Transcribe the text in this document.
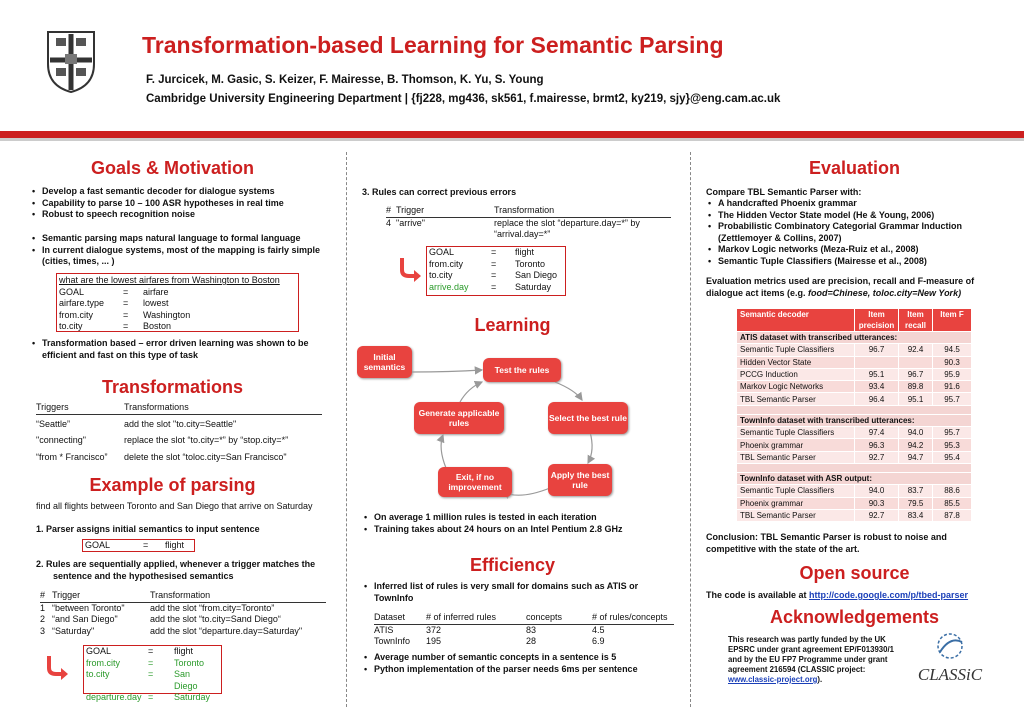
Transformation-based Learning for Semantic Parsing
F. Jurcicek, M. Gasic, S. Keizer, F. Mairesse, B. Thomson, K. Yu, S. Young
Cambridge University Engineering Department | {fj228, mg436, sk561, f.mairesse, brmt2, ky219, sjy}@eng.cam.ac.uk
Goals & Motivation
• Develop a fast semantic decoder for dialogue systems
• Capability to parse 10 – 100 ASR hypotheses in real time
• Robust to speech recognition noise
• Semantic parsing maps natural language to formal language
• In current dialogue systems, most of the mapping is fairly simple (cities, times, ... )
what are the lowest airfares from Washington to Boston
GOAL	=	airfare
airfare.type	=	lowest
from.city	=	Washington
to.city	=	Boston
• Transformation based – error driven learning was shown to be efficient and fast on this type of task
Transformations
Triggers	Transformations
“Seattle”	add the slot "to.city=Seattle"
"connecting"	replace the slot “to.city=*” by “stop.city=*”
“from * Francisco”	delete the slot “toloc.city=San Francisco"
Example of parsing
find all flights between Toronto and San Diego that arrive on Saturday
1. Parser assigns initial semantics to input sentence
GOAL	=	flight
2. Rules are sequentially applied, whenever a trigger matches the sentence and the hypothesised semantics
#	Trigger	Transformation
1	“between Toronto"	add the slot “from.city=Toronto”
2	“and San Diego"	add the slot “to.city=Sand Diego“
3	“Saturday"	add the slot “departure.day=Saturday"
GOAL	=	flight
from.city	=	Toronto
to.city	=	San Diego
departure.day	=	Saturday
3. Rules can correct previous errors
#	Trigger	Transformation
4	"arrive"	replace the slot “departure.day=*” by “arrival.day=*”
GOAL	=	flight
from.city	=	Toronto
to.city	=	San Diego
arrive.day	=	Saturday
Learning
Initial semantics	Test the rules
Generate applicable rules	Select the best rule
Exit, if no improvement
Apply the best rule
• On average 1 million rules is tested in each iteration
• Training takes about 24 hours on an Intel Pentium 2.8 GHz
Efficiency
• Inferred list of rules is very small for domains such as ATIS or TownInfo
Dataset	# of inferred rules	concepts	# of rules/concepts
ATIS	372	83	4.5
TownInfo	195	28	6.9
• Average number of semantic concepts in a sentence is 5
• Python implementation of the parser needs 6ms per sentence
Evaluation
Compare TBL Semantic Parser with:
• A handcrafted Phoenix grammar
• The Hidden Vector State model (He & Young, 2006)
• Probabilistic Combinatory Categorial Grammar Induction (Zettlemoyer & Collins, 2007)
• Markov Logic networks (Meza-Ruiz et al., 2008)
• Semantic Tuple Classifiers (Mairesse et al., 2008)
Evaluation metrics used are precision, recall and F-measure of dialogue act items (e.g. food=Chinese, toloc.city=New York)
Semantic decoder	Item precision	Item recall	Item F
ATIS dataset with transcribed utterances:			
Semantic Tuple Classifiers	96.7	92.4	94.5
Hidden Vector State			90.3
PCCG Induction	95.1	96.7	95.9
Markov Logic Networks	93.4	89.8	91.6
TBL Semantic Parser	96.4	95.1	95.7

TownInfo dataset with transcribed utterances:			
Semantic Tuple Classifiers	97.4	94.0	95.7
Phoenix grammar	96.3	94.2	95.3
TBL Semantic Parser	92.7	94.7	95.4

TownInfo dataset with ASR output:			
Semantic Tuple Classifiers	94.0	83.7	88.6
Phoenix grammar	90.3	79.5	85.5
TBL Semantic Parser	92.7	83.4	87.8
Conclusion: TBL Semantic Parser is robust to noise and competitive with the state of the art.
Open source
The code is available at http://code.google.com/p/tbed-parser
Acknowledgements
This research was partly funded by the UK EPSRC under grant agreement EP/F013930/1 and by the EU FP7 Programme under grant agreement 216594 (CLASSIC project: www.classic-project.org).	CLASSiC
